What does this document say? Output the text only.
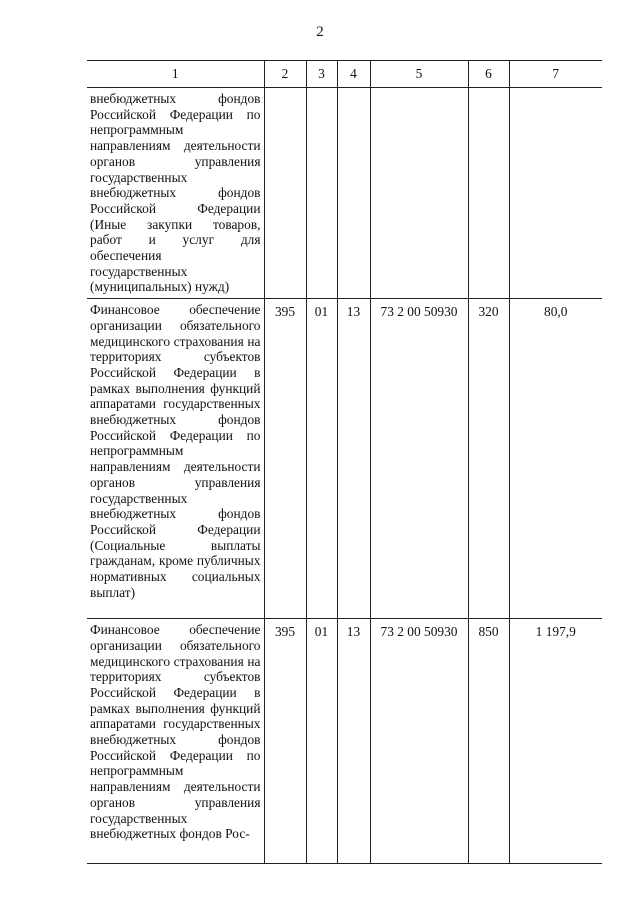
2
1	2	3	4	5	6	7
внебюджетных фондов Российской Федерации по непрограммным направлениям деятельности органов управления государственных внебюджетных фондов Российской Федерации (Иные закупки товаров, работ и услуг для обеспечения государственных (муниципальных) нужд)						
Финансовое обеспечение организации обязательного медицинского страхования на территориях субъектов Российской Федерации в рамках выполнения функций аппаратами государственных внебюджетных фондов Российской Федерации по непрограммным направлениям деятельности органов управления государственных внебюджетных фондов Российской Федерации (Социальные выплаты гражданам, кроме публичных нормативных социальных выплат)	395	01	13	73 2 00 50930	320	80,0
Финансовое обеспечение организации обязательного медицинского страхования на территориях субъектов Российской Федерации в рамках выполнения функций аппаратами государственных внебюджетных фондов Российской Федерации по непрограммным направлениям деятельности органов управления государственных внебюджетных фондов Рос-	395	01	13	73 2 00 50930	850	1 197,9
